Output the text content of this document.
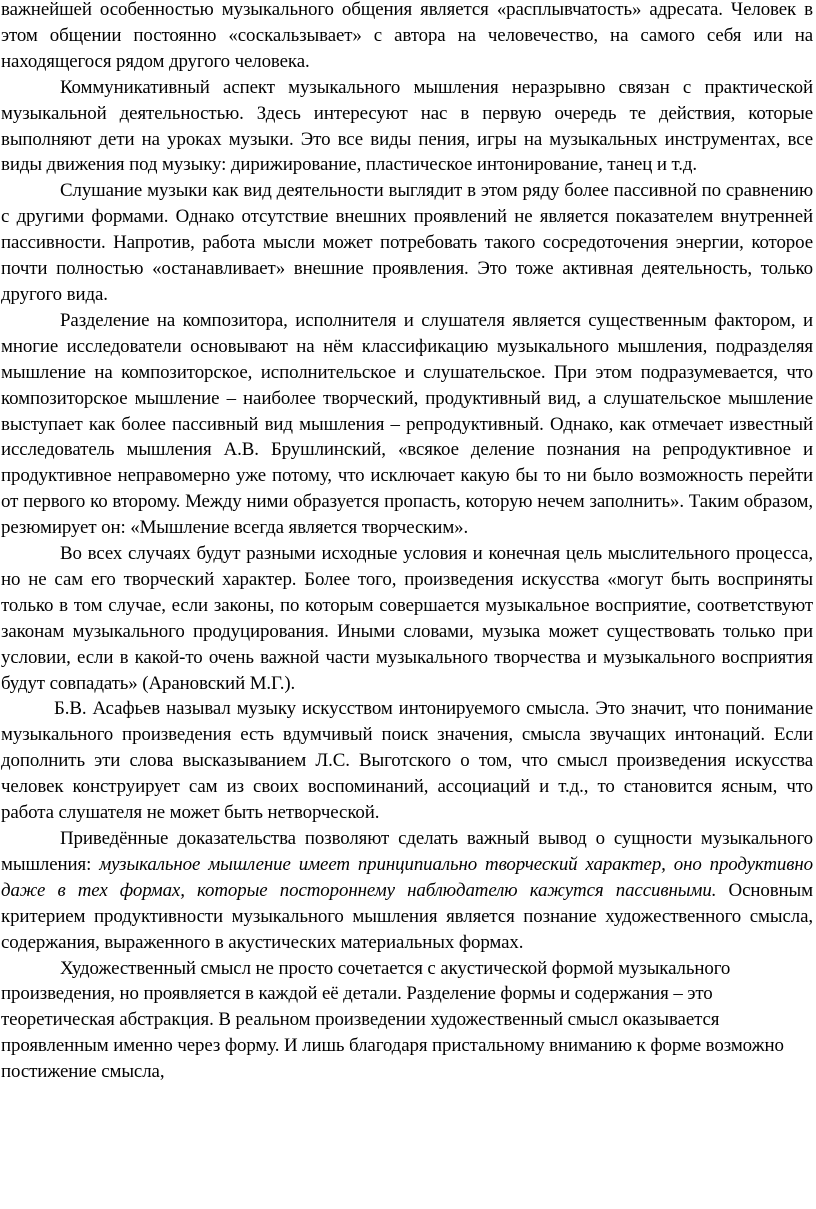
важнейшей особенностью музыкального общения является «расплывчатость» адресата. Человек в этом общении постоянно «соскальзывает» с автора на человечество, на самого себя или на находящегося рядом другого человека.

Коммуникативный аспект музыкального мышления неразрывно связан с практической музыкальной деятельностью. Здесь интересуют нас в первую очередь те действия, которые выполняют дети на уроках музыки. Это все виды пения, игры на музыкальных инструментах, все виды движения под музыку: дирижирование, пластическое интонирование, танец и т.д.

Слушание музыки как вид деятельности выглядит в этом ряду более пассивной по сравнению с другими формами. Однако отсутствие внешних проявлений не является показателем внутренней пассивности. Напротив, работа мысли может потребовать такого сосредоточения энергии, которое почти полностью «останавливает» внешние проявления. Это тоже активная деятельность, только другого вида.

Разделение на композитора, исполнителя и слушателя является существенным фактором, и многие исследователи основывают на нём классификацию музыкального мышления, подразделяя мышление на композиторское, исполнительское и слушательское. При этом подразумевается, что композиторское мышление – наиболее творческий, продуктивный вид, а слушательское мышление выступает как более пассивный вид мышления – репродуктивный. Однако, как отмечает известный исследователь мышления А.В. Брушлинский, «всякое деление познания на репродуктивное и продуктивное неправомерно уже потому, что исключает какую бы то ни было возможность перейти от первого ко второму. Между ними образуется пропасть, которую нечем заполнить». Таким образом, резюмирует он: «Мышление всегда является творческим».

Во всех случаях будут разными исходные условия и конечная цель мыслительного процесса, но не сам его творческий характер. Более того, произведения искусства «могут быть восприняты только в том случае, если законы, по которым совершается музыкальное восприятие, соответствуют законам музыкального продуцирования. Иными словами, музыка может существовать только при условии, если в какой-то очень важной части музыкального творчества и музыкального восприятия будут совпадать» (Арановский М.Г.).

Б.В. Асафьев называл музыку искусством интонируемого смысла. Это значит, что понимание музыкального произведения есть вдумчивый поиск значения, смысла звучащих интонаций. Если дополнить эти слова высказыванием Л.С. Выготского о том, что смысл произведения искусства человек конструирует сам из своих воспоминаний, ассоциаций и т.д., то становится ясным, что работа слушателя не может быть нетворческой.

Приведённые доказательства позволяют сделать важный вывод о сущности музыкального мышления: музыкальное мышление имеет принципиально творческий характер, оно продуктивно даже в тех формах, которые постороннему наблюдателю кажутся пассивными. Основным критерием продуктивности музыкального мышления является познание художественного смысла, содержания, выраженного в акустических материальных формах.

Художественный смысл не просто сочетается с акустической формой музыкального произведения, но проявляется в каждой её детали. Разделение формы и содержания – это теоретическая абстракция. В реальном произведении художественный смысл оказывается проявленным именно через форму. И лишь благодаря пристальному вниманию к форме возможно постижение смысла,
